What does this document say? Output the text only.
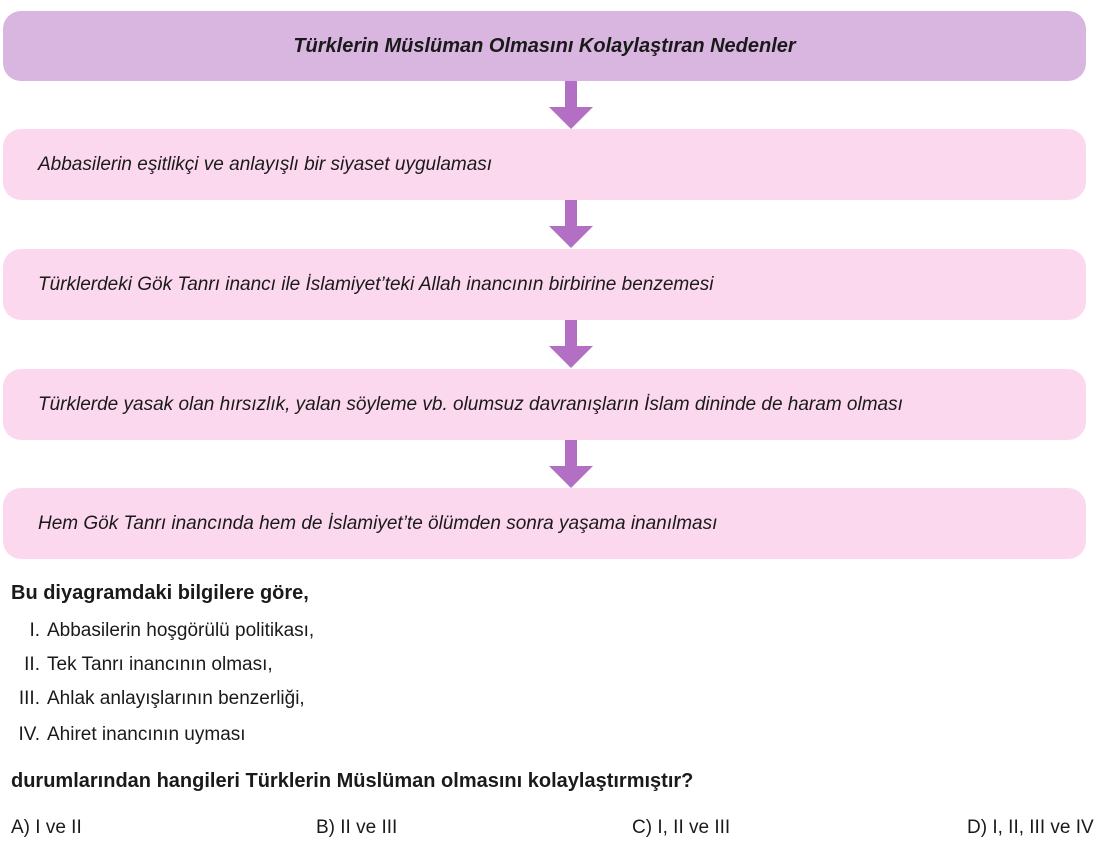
Türklerin Müslüman Olmasını Kolaylaştıran Nedenler
Abbasilerin eşitlikçi ve anlayışlı bir siyaset uygulaması
Türklerdeki Gök Tanrı inancı ile İslamiyet’teki Allah inancının birbirine benzemesi
Türklerde yasak olan hırsızlık, yalan söyleme vb. olumsuz davranışların İslam dininde de haram olması
Hem Gök Tanrı inancında hem de İslamiyet’te ölümden sonra yaşama inanılması
Bu diyagramdaki bilgilere göre,
I. Abbasilerin hoşgörülü politikası,
II. Tek Tanrı inancının olması,
III. Ahlak anlayışlarının benzerliği,
IV. Ahiret inancının uyması
durumlarından hangileri Türklerin Müslüman olmasını kolaylaştırmıştır?
A) I ve II	B) II ve III	C) I, II ve III	D) I, II, III ve IV
